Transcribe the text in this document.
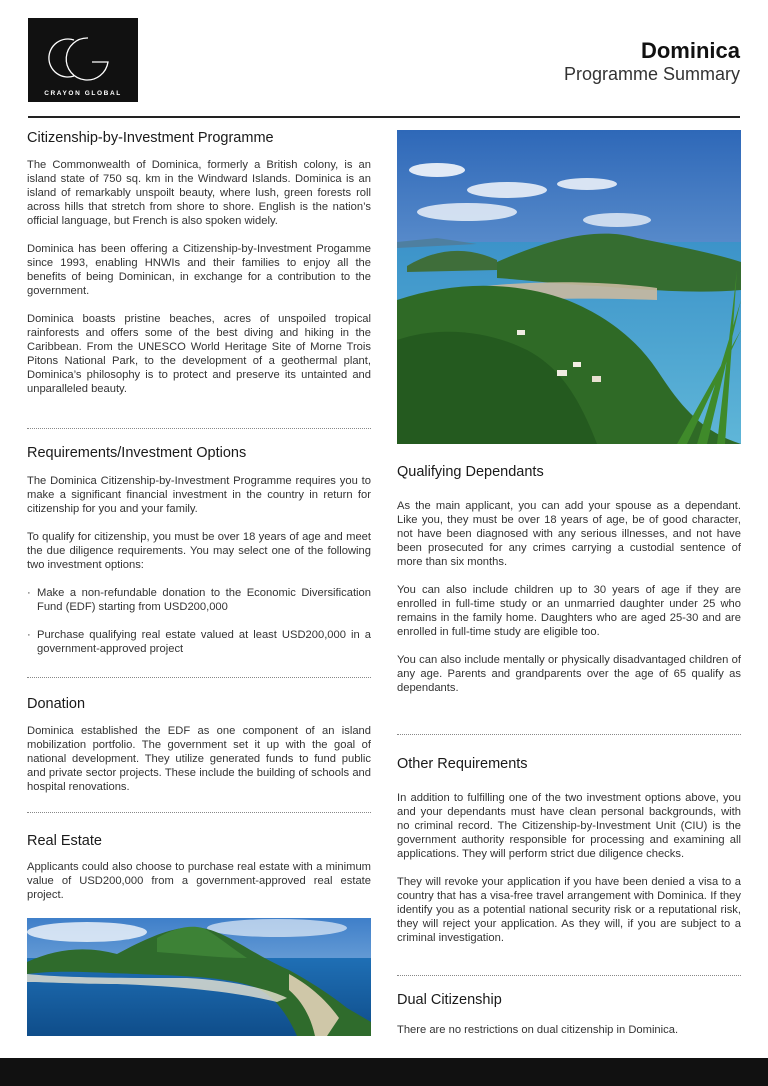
CRAYON GLOBAL
Dominica
Programme Summary
Citizenship-by-Investment Programme

The Commonwealth of Dominica, formerly a British colony, is an island state of 750 sq. km in the Windward Islands. Dominica is an island of remarkably unspoilt beauty, where lush, green forests roll across hills that stretch from shore to shore. English is the nation’s official language, but French is also spoken widely.

Dominica has been offering a Citizenship-by-Investment Progamme since 1993, enabling HNWIs and their families to enjoy all the benefits of being Dominican, in exchange for a contribution to the government.

Dominica boasts pristine beaches, acres of unspoiled tropical rainforests and offers some of the best diving and hiking in the Caribbean. From the UNESCO World Heritage Site of Morne Trois Pitons National Park, to the development of a geothermal plant, Dominica’s philosophy is to protect and preserve its untainted and unparalleled beauty.

Requirements/Investment Options

The Dominica Citizenship-by-Investment Programme requires you to make a significant financial investment in the country in return for citizenship for you and your family.

To qualify for citizenship, you must be over 18 years of age and meet the due diligence requirements. You may select one of the following two investment options:

· Make a non-refundable donation to the Economic Diversification Fund (EDF) starting from USD200,000
· Purchase qualifying real estate valued at least USD200,000 in a government-approved project
Donation

Dominica established the EDF as one component of an island mobilization portfolio. The government set it up with the goal of national development. They utilize generated funds to fund public and private sector projects. These include the building of schools and hospital renovations.

Real Estate

Applicants could also choose to purchase real estate with a minimum value of USD200,000 from a government-approved real estate project.

Qualifying Dependants

As the main applicant, you can add your spouse as a dependant. Like you, they must be over 18 years of age, be of good character, not have been diagnosed with any serious illnesses, and not have been prosecuted for any crimes carrying a custodial sentence of more than six months.

You can also include children up to 30 years of age if they are enrolled in full-time study or an unmarried daughter under 25 who remains in the family home. Daughters who are aged 25-30 and are enrolled in full-time study are eligible too.

You can also include mentally or physically disadvantaged children of any age. Parents and grandparents over the age of 65 qualify as dependants.

Other Requirements

In addition to fulfilling one of the two investment options above, you and your dependants must have clean personal backgrounds, with no criminal record. The Citizenship-by-Investment Unit (CIU) is the government authority responsible for processing and examining all applications. They will perform strict due diligence checks.

They will revoke your application if you have been denied a visa to a country that has a visa-free travel arrangement with Dominica. If they identify you as a potential national security risk or a reputational risk, they will reject your application. As they will, if you are subject to a criminal investigation.

Dual Citizenship

There are no restrictions on dual citizenship in Dominica.
